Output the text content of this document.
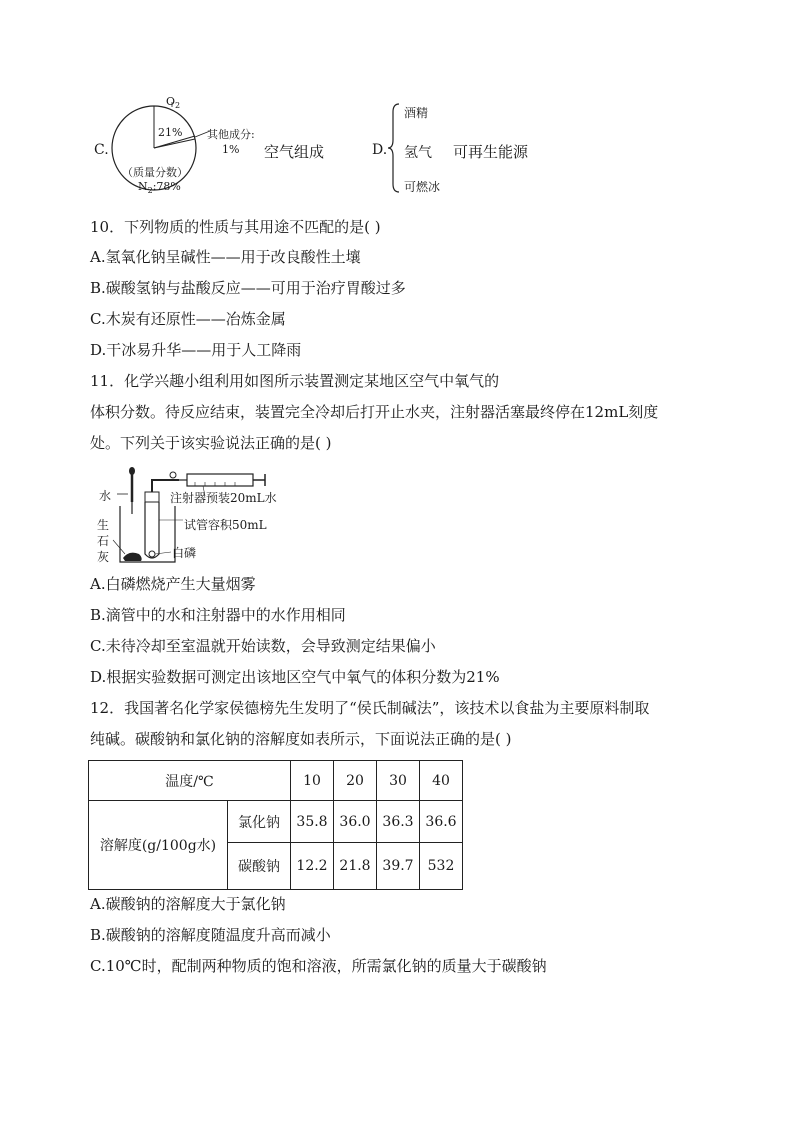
C.
$O_2$
21% 其他成分:
1%
（质量分数）
$N_2:78\%$
空气组成	D.
酒精
氢气
可燃冰
可再生能源
10．下列物质的性质与其用途不匹配的是( )
A.氢氧化钠呈碱性——用于改良酸性土壤
B.碳酸氢钠与盐酸反应——可用于治疗胃酸过多
C.木炭有还原性——冶炼金属
D.干冰易升华——用于人工降雨
11．化学兴趣小组利用如图所示装置测定某地区空气中氧气的
体积分数。待反应结束，装置完全冷却后打开止水夹，注射器活塞最终停在12mL刻度
处。下列关于该实验说法正确的是( )
水
生
石
灰
注射器预装20mL水
试管容积50mL
白磷
A.白磷燃烧产生大量烟雾
B.滴管中的水和注射器中的水作用相同
C.未待冷却至室温就开始读数，会导致测定结果偏小
D.根据实验数据可测定出该地区空气中氧气的体积分数为21%
12．我国著名化学家侯德榜先生发明了“侯氏制碱法”，该技术以食盐为主要原料制取
纯碱。碳酸钠和氯化钠的溶解度如表所示，下面说法正确的是( )
温度/℃		10	20	30	40
溶解度(g/100g水)	氯化钠	35.8	36.0	36.3	36.6
	碳酸钠	12.2	21.8	39.7	532
A.碳酸钠的溶解度大于氯化钠
B.碳酸钠的溶解度随温度升高而减小
C.10℃时，配制两种物质的饱和溶液，所需氯化钠的质量大于碳酸钠
